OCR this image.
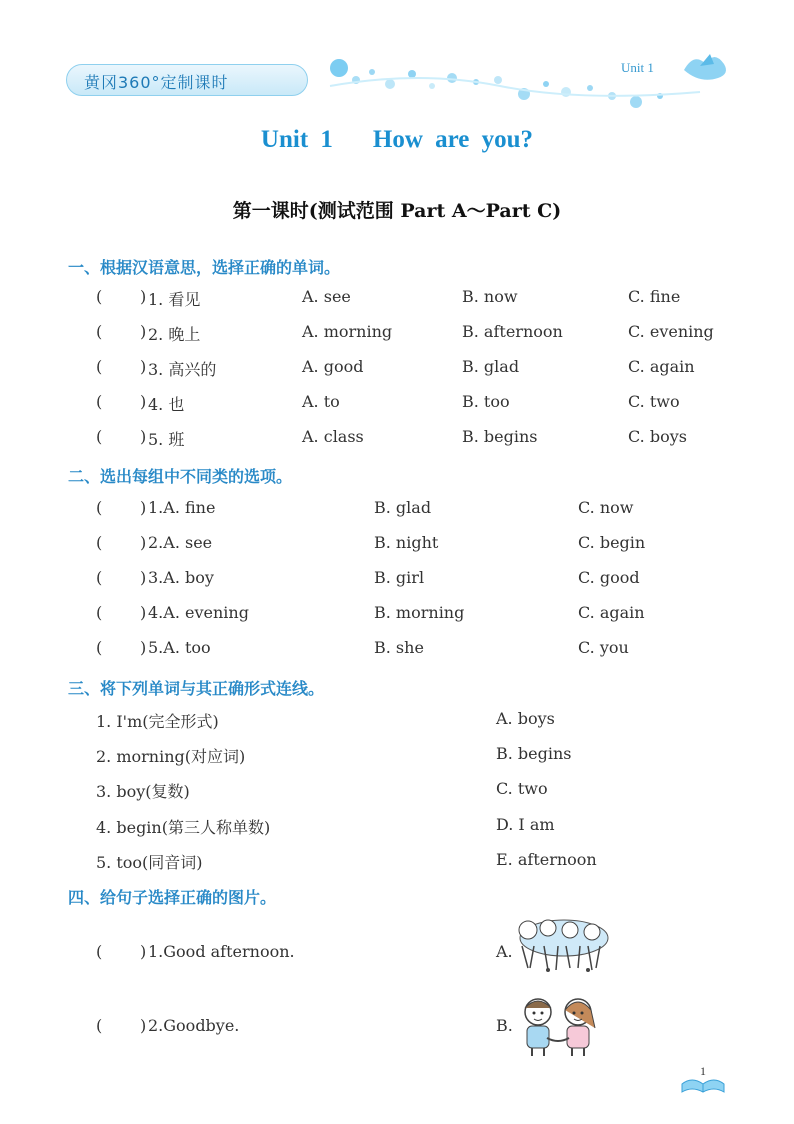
黄冈360°定制课时
Unit 1
Unit 1 How are you?
第一课时(测试范围 Part A～Part C)
一、根据汉语意思，选择正确的单词。
( ) 1. 看见	A. see	B. now	C. fine
( ) 2. 晚上	A. morning	B. afternoon	C. evening
( ) 3. 高兴的	A. good	B. glad	C. again
( ) 4. 也	A. to	B. too	C. two
( ) 5. 班	A. class	B. begins	C. boys
二、选出每组中不同类的选项。
( ) 1.A. fine	B. glad	C. now
( ) 2.A. see	B. night	C. begin
( ) 3.A. boy	B. girl	C. good
( ) 4.A. evening	B. morning	C. again
( ) 5.A. too	B. she	C. you
三、将下列单词与其正确形式连线。
1. I'm(完全形式)	A. boys
2. morning(对应词)	B. begins
3. boy(复数)	C. two
4. begin(第三人称单数)	D. I am
5. too(同音词)	E. afternoon
四、给句子选择正确的图片。
( ) 1.Good afternoon.	A.
( ) 2.Goodbye.	B.
1
